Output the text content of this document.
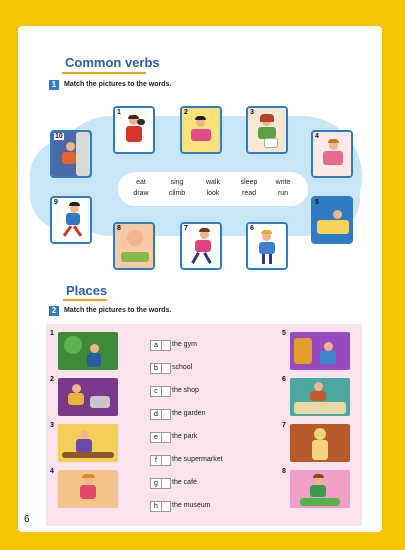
Common verbs
1	Match the pictures to the words.
1	2	3
4
5
6
7
8
9
10
eat	sing	walk	sleep	write
draw	climb	look	read	run
Places
2	Match the pictures to the words.
1
2
3
4
5
6
7
8
a	the gym
b	school
c	the shop
d	the garden
e	the park
f	the supermarket
g	the café
h	the museum
6
